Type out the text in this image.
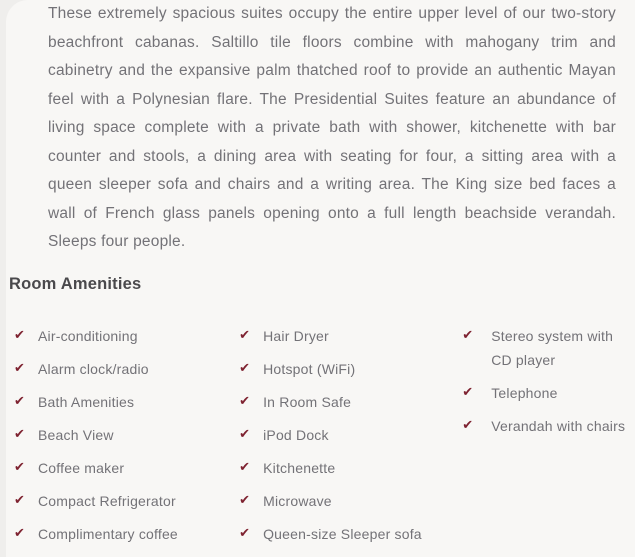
These extremely spacious suites occupy the entire upper level of our two-story beachfront cabanas. Saltillo tile floors combine with mahogany trim and cabinetry and the expansive palm thatched roof to provide an authentic Mayan feel with a Polynesian flare. The Presidential Suites feature an abundance of living space complete with a private bath with shower, kitchenette with bar counter and stools, a dining area with seating for four, a sitting area with a queen sleeper sofa and chairs and a writing area. The King size bed faces a wall of French glass panels opening onto a full length beachside verandah. Sleeps four people.

Room Amenities
✔ Air-conditioning
✔ Alarm clock/radio
✔ Bath Amenities
✔ Beach View
✔ Coffee maker
✔ Compact Refrigerator
✔ Complimentary coffee
✔ Hair Dryer
✔ Hotspot (WiFi)
✔ In Room Safe
✔ iPod Dock
✔ Kitchenette
✔ Microwave
✔ Queen-size Sleeper sofa
✔	Stereo system with CD player
✔	Telephone
✔	Verandah with chairs
